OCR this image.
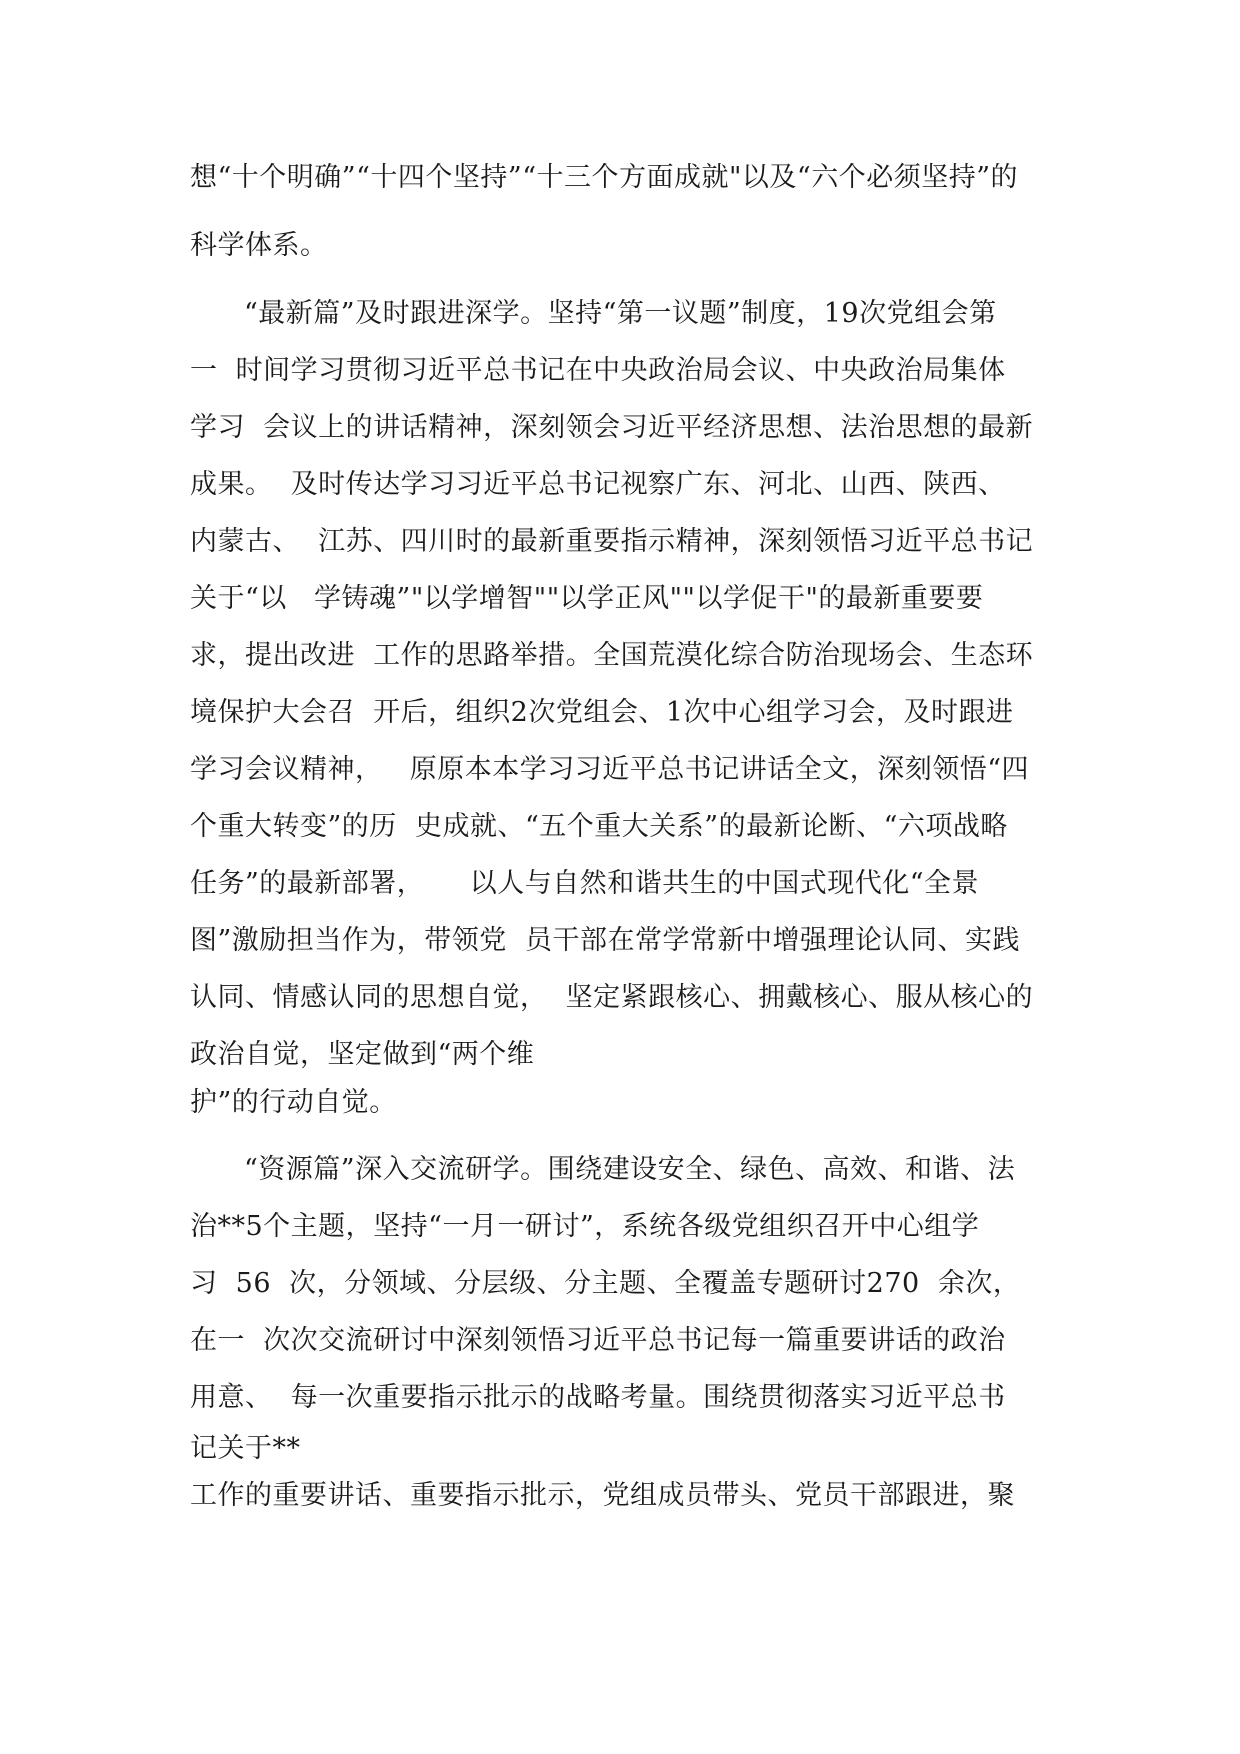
想“十个明确”“十四个坚持”“十三个方面成就"以及“六个必须坚持”的
科学体系。
“最新篇”及时跟进深学。坚持“第一议题”制度，19次党组会第
一  时间学习贯彻习近平总书记在中央政治局会议、中央政治局集体
学习  会议上的讲话精神，深刻领会习近平经济思想、法治思想的最新
成果。  及时传达学习习近平总书记视察广东、河北、山西、陕西、
内蒙古、  江苏、四川时的最新重要指示精神，深刻领悟习近平总书记
关于“以   学铸魂”"以学增智""以学正风""以学促干"的最新重要要
求，提出改进  工作的思路举措。全国荒漠化综合防治现场会、生态环
境保护大会召  开后，组织2次党组会、1次中心组学习会，及时跟进
学习会议精神，   原原本本学习习近平总书记讲话全文，深刻领悟“四
个重大转变”的历  史成就、“五个重大关系”的最新论断、“六项战略
任务”的最新部署，     以人与自然和谐共生的中国式现代化“全景
图”激励担当作为，带领党  员干部在常学常新中增强理论认同、实践
认同、情感认同的思想自觉，  坚定紧跟核心、拥戴核心、服从核心的
政治自觉，坚定做到“两个维
护”的行动自觉。
“资源篇”深入交流研学。围绕建设安全、绿色、高效、和谐、法
治**5个主题，坚持“一月一研讨”，系统各级党组织召开中心组学
习  56  次，分领域、分层级、分主题、全覆盖专题研讨270  余次，
在一  次次交流研讨中深刻领悟习近平总书记每一篇重要讲话的政治
用意、  每一次重要指示批示的战略考量。围绕贯彻落实习近平总书
记关于**
工作的重要讲话、重要指示批示，党组成员带头、党员干部跟进，聚
